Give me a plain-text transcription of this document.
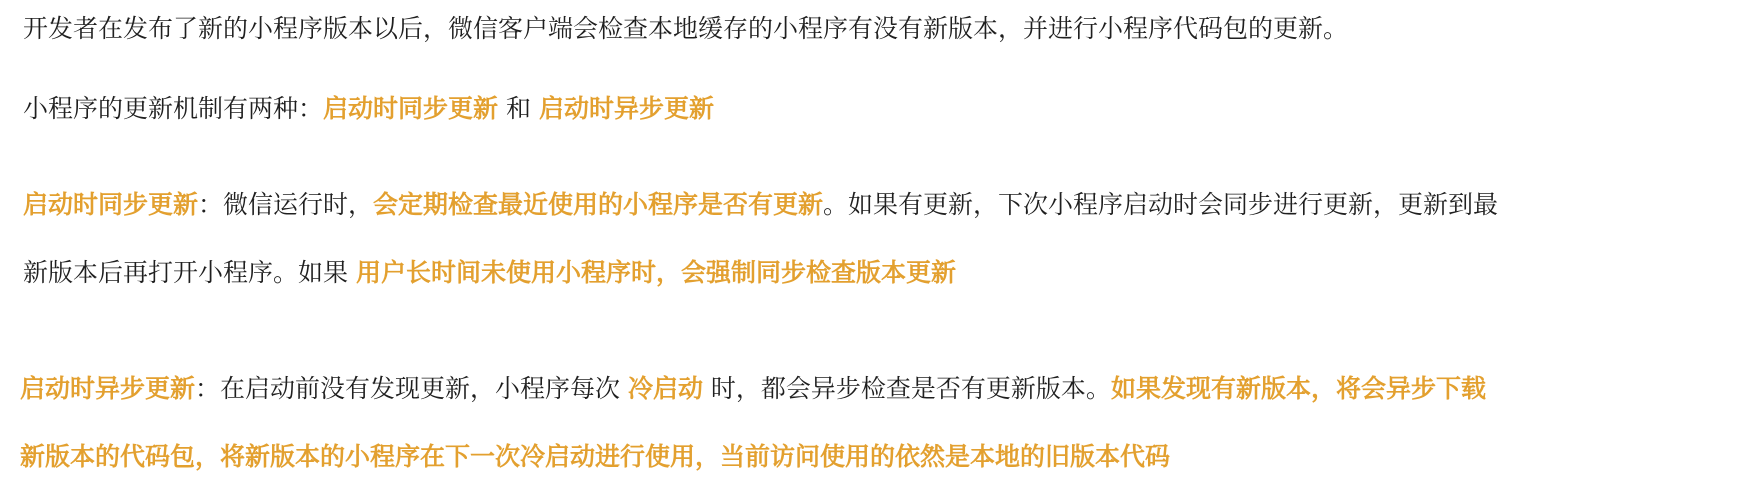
开发者在发布了新的小程序版本以后，微信客户端会检查本地缓存的小程序有没有新版本，并进行小程序代码包的更新。
小程序的更新机制有两种：启动时同步更新 和 启动时异步更新
启动时同步更新：微信运行时，会定期检查最近使用的小程序是否有更新。如果有更新，下次小程序启动时会同步进行更新，更新到最
新版本后再打开小程序。如果 用户长时间未使用小程序时，会强制同步检查版本更新
启动时异步更新：在启动前没有发现更新，小程序每次 冷启动 时，都会异步检查是否有更新版本。如果发现有新版本，将会异步下载
新版本的代码包，将新版本的小程序在下一次冷启动进行使用，当前访问使用的依然是本地的旧版本代码
